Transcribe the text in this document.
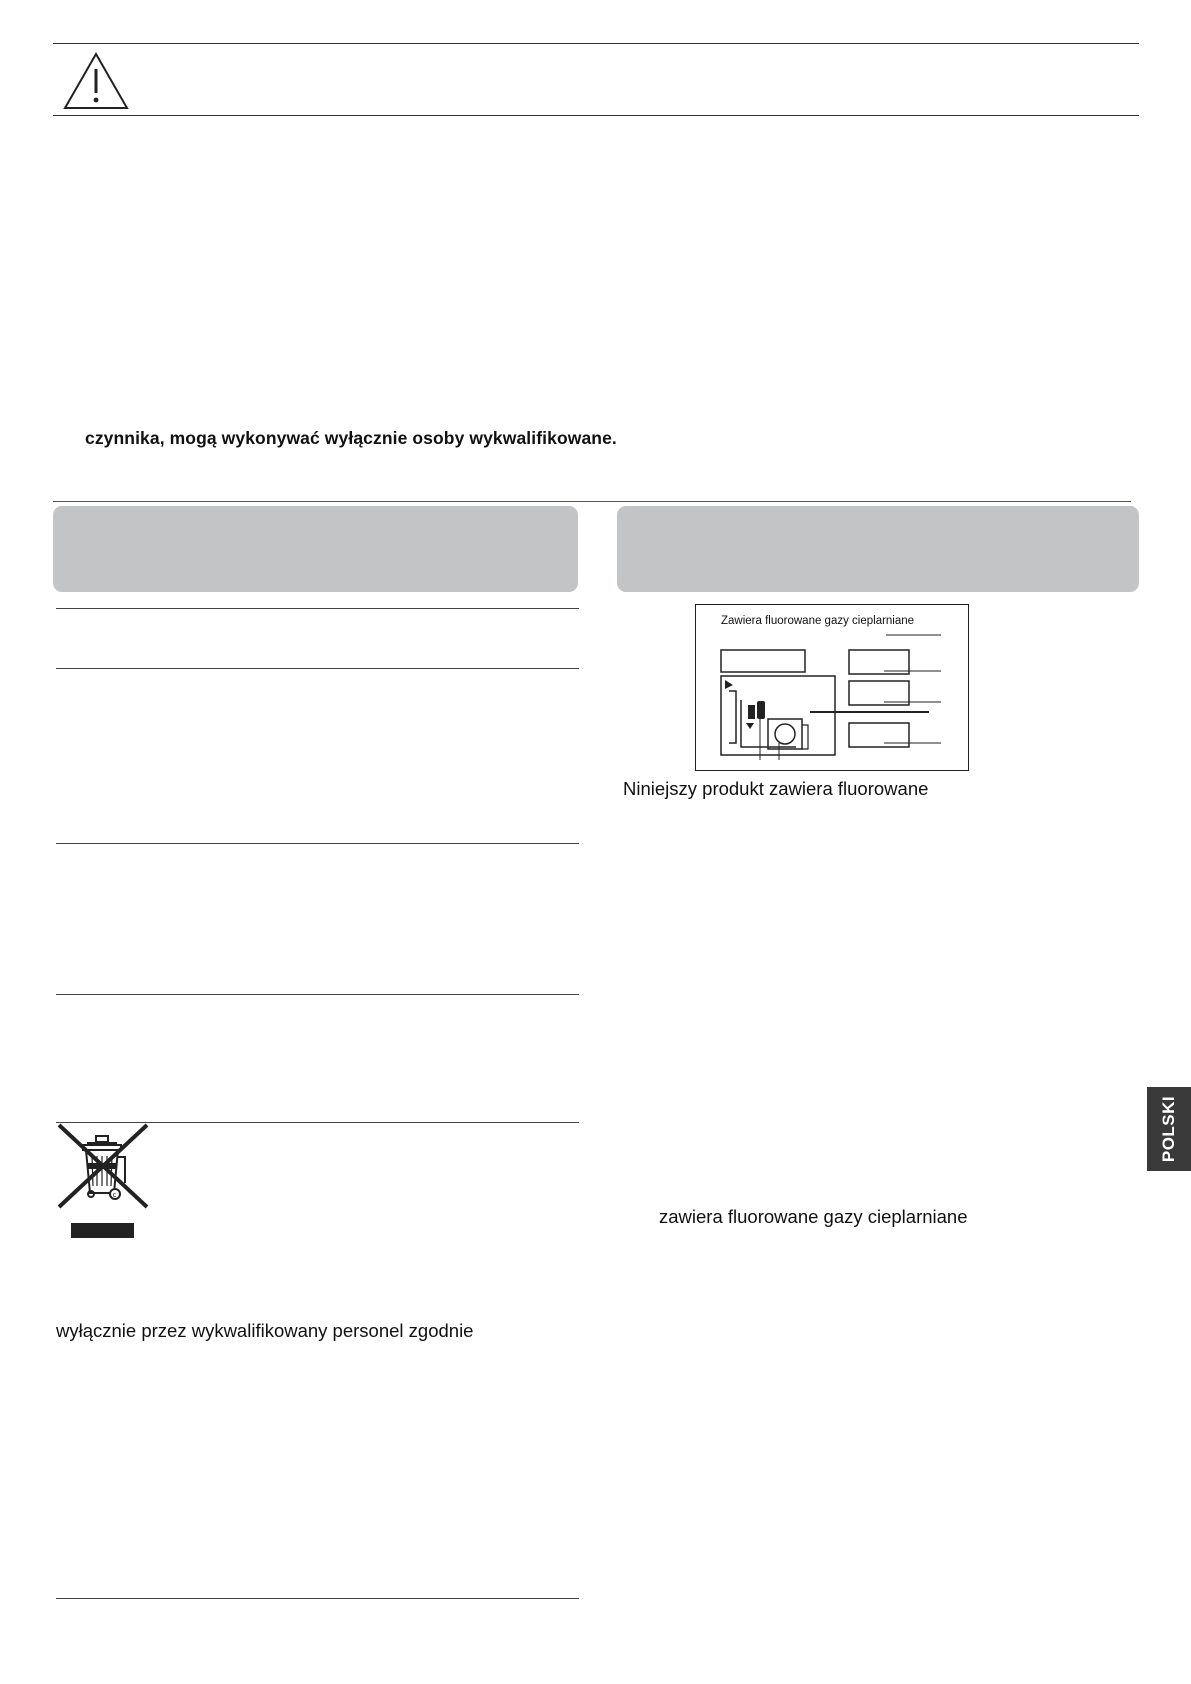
czynnika, mogą wykonywać wyłącznie osoby wykwalifikowane.
c
wyłącznie przez wykwalifikowany personel zgodnie
Zawiera fluorowane gazy cieplarniane
Niniejszy produkt zawiera fluorowane
zawiera fluorowane gazy cieplarniane
POLSKI
